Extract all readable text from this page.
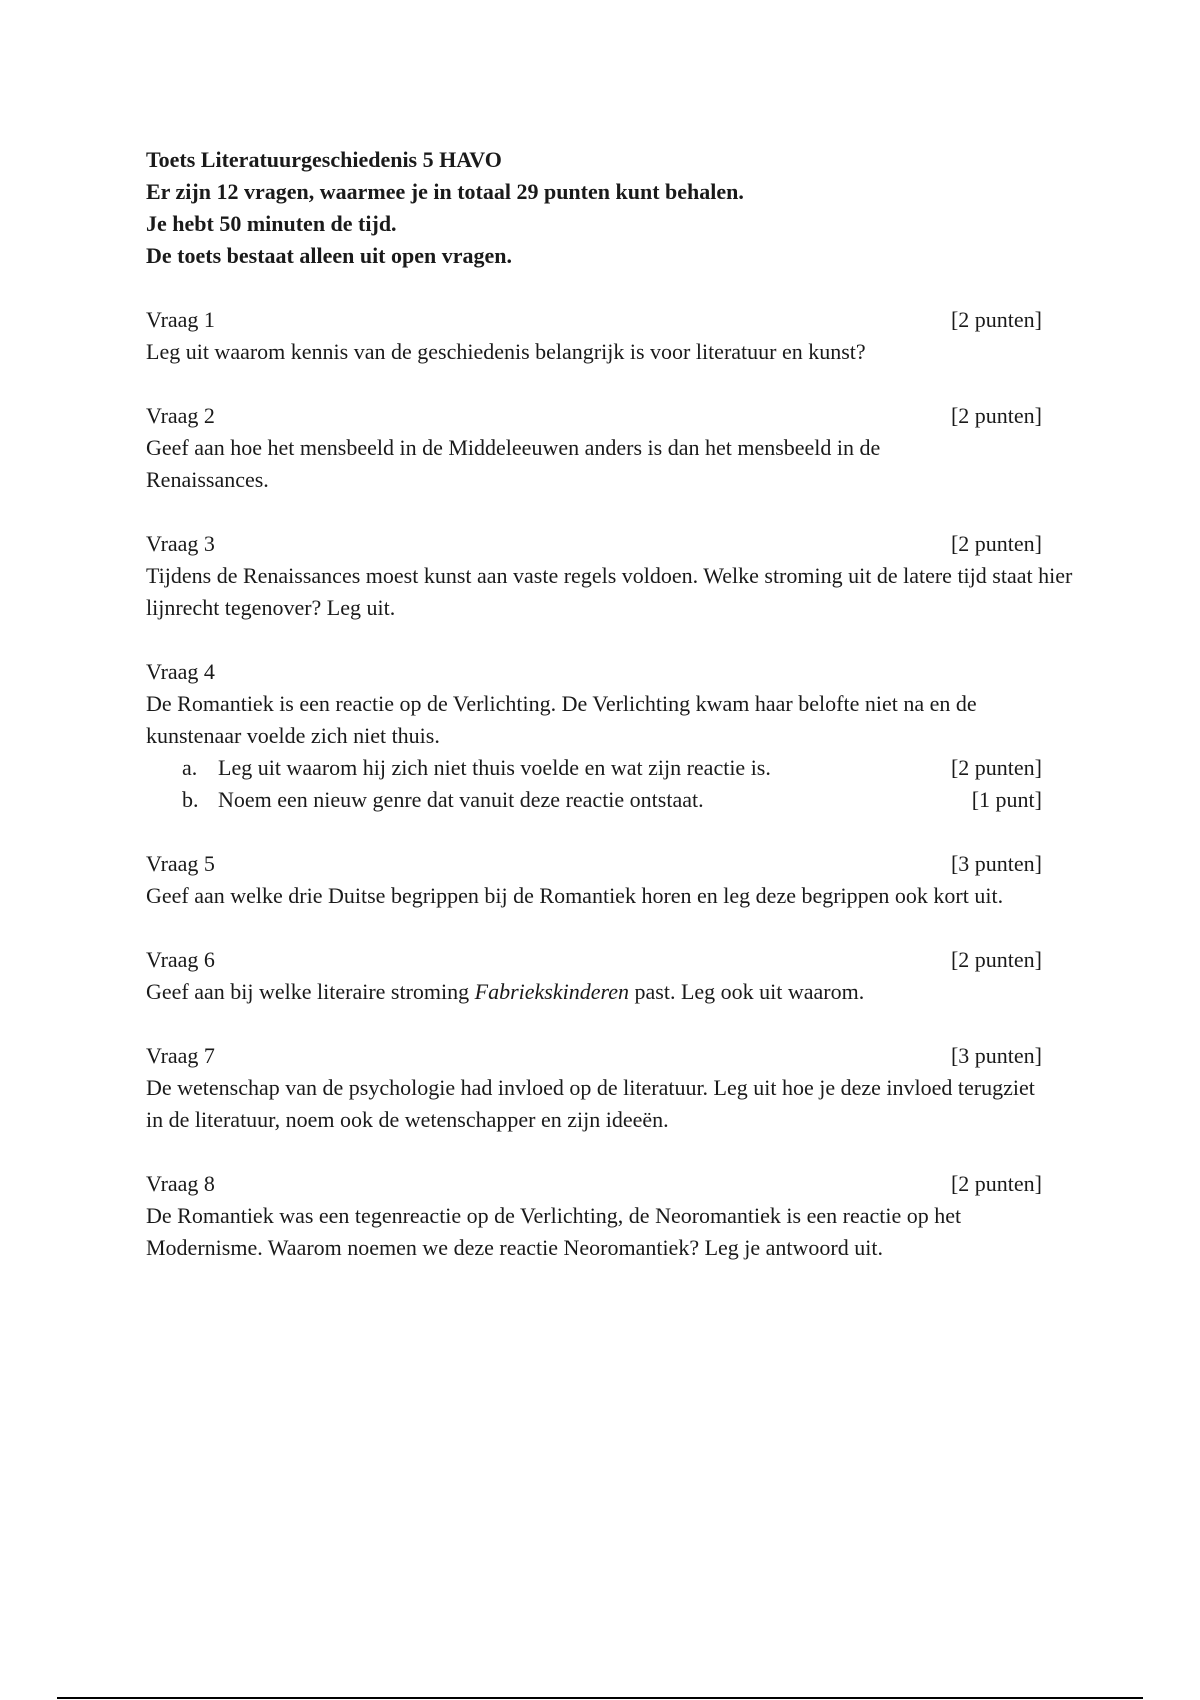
Toets Literatuurgeschiedenis 5 HAVO

Er zijn 12 vragen, waarmee je in totaal 29 punten kunt behalen.

Je hebt 50 minuten de tijd.

De toets bestaat alleen uit open vragen.

Vraag 1	[2 punten]

Leg uit waarom kennis van de geschiedenis belangrijk is voor literatuur en kunst?

Vraag 2	[2 punten]

Geef aan hoe het mensbeeld in de Middeleeuwen anders is dan het mensbeeld in de Renaissances.

Vraag 3	[2 punten]

Tijdens de Renaissances moest kunst aan vaste regels voldoen. Welke stroming uit de latere tijd staat hier lijnrecht tegenover? Leg uit.

Vraag 4

De Romantiek is een reactie op de Verlichting. De Verlichting kwam haar belofte niet na en de kunstenaar voelde zich niet thuis.

a. Leg uit waarom hij zich niet thuis voelde en wat zijn reactie is.	[2 punten]
b. Noem een nieuw genre dat vanuit deze reactie ontstaat.	[1 punt]
Vraag 5	[3 punten]

Geef aan welke drie Duitse begrippen bij de Romantiek horen en leg deze begrippen ook kort uit.

Vraag 6	[2 punten]

Geef aan bij welke literaire stroming Fabriekskinderen past. Leg ook uit waarom.

Vraag 7	[3 punten]

De wetenschap van de psychologie had invloed op de literatuur. Leg uit hoe je deze invloed terugziet in de literatuur, noem ook de wetenschapper en zijn ideeën.

Vraag 8	[2 punten]

De Romantiek was een tegenreactie op de Verlichting, de Neoromantiek is een reactie op het Modernisme. Waarom noemen we deze reactie Neoromantiek? Leg je antwoord uit.
